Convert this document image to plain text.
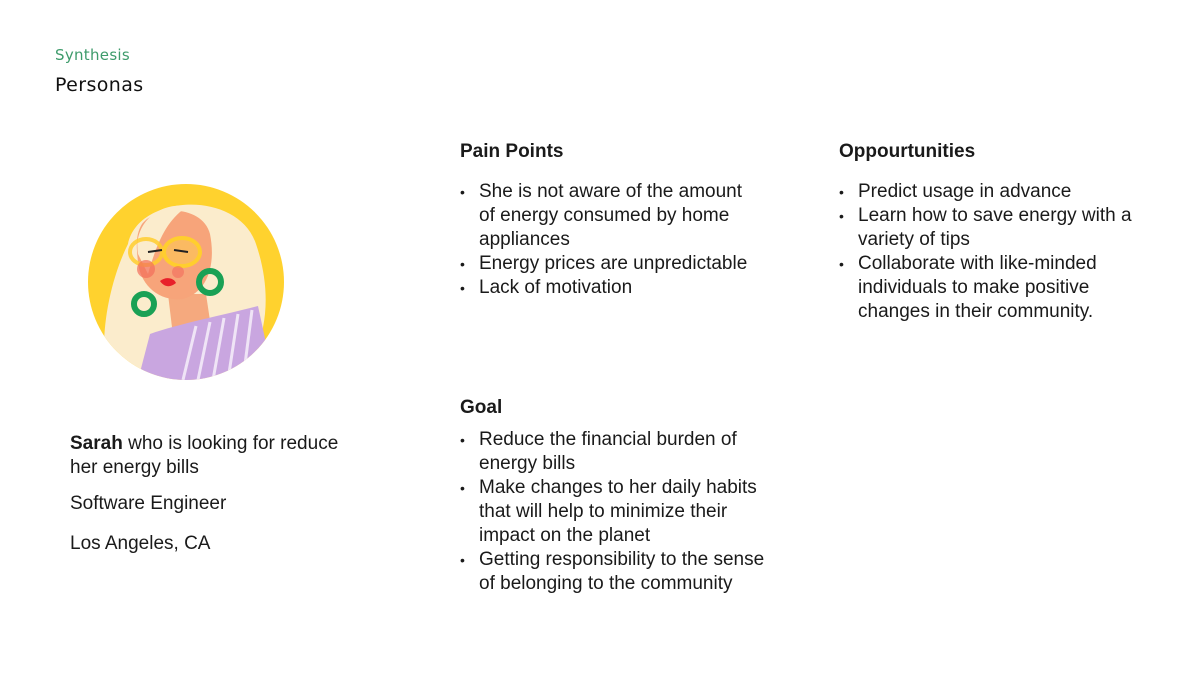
Synthesis
Personas

Sarah who is looking for reduce her energy bills

Software Engineer

Los Angeles, CA

Pain Points
• She is not aware of the amount of energy consumed by home appliances
• Energy prices are unpredictable
• Lack of motivation
Oppourtunities
• Predict usage in advance
• Learn how to save energy with a variety of tips
• Collaborate with like-minded individuals to make positive changes in their community.
Goal
• Reduce the financial burden of energy bills
• Make changes to her daily habits that will help to minimize their impact on the planet
• Getting responsibility to the sense of belonging to the community
